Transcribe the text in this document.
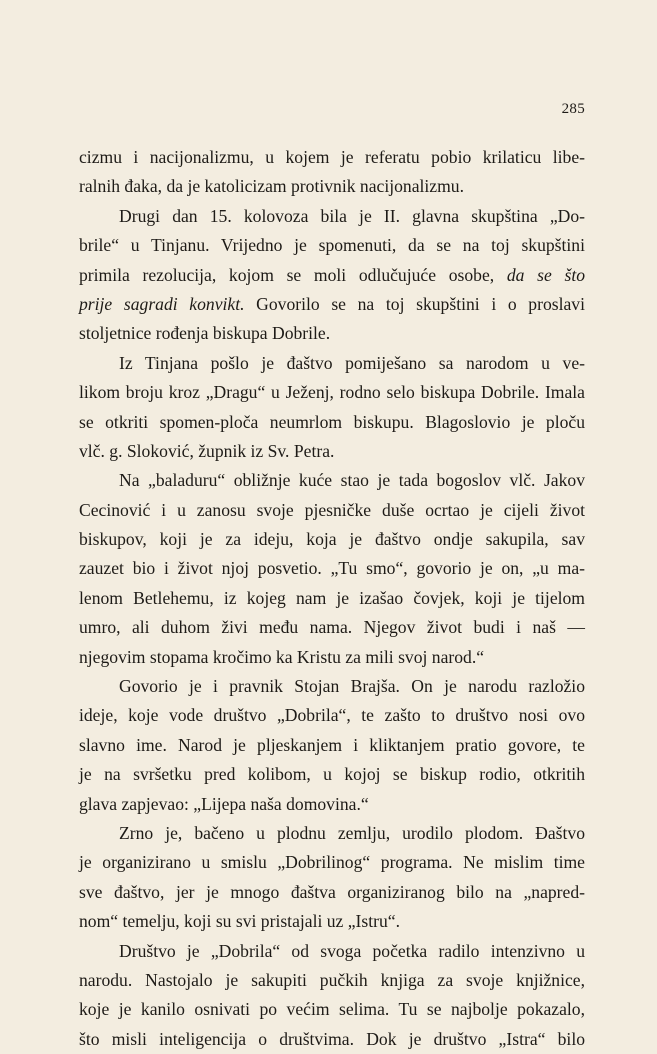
285
cizmu i nacijonalizmu, u kojem je referatu pobio krilaticu libe-
ralnih đaka, da je katolicizam protivnik nacijonalizmu.
Drugi dan 15. kolovoza bila je II. glavna skupština „Do-
brile“ u Tinjanu. Vrijedno je spomenuti, da se na toj skupštini
primila rezolucija, kojom se moli odlučujuće osobe, da se što
prije sagradi konvikt. Govorilo se na toj skupštini i o proslavi
stoljetnice rođenja biskupa Dobrile.
Iz Tinjana pošlo je đaštvo pomiješano sa narodom u ve-
likom broju kroz „Dragu“ u Ježenj, rodno selo biskupa Dobrile. Imala
se otkriti spomen-ploča neumrlom biskupu. Blagoslovio je ploču
vlč. g. Sloković, župnik iz Sv. Petra.
Na „baladuru“ obližnje kuće stao je tada bogoslov vlč. Jakov
Cecinović i u zanosu svoje pjesničke duše ocrtao je cijeli život
biskupov, koji je za ideju, koja je đaštvo ondje sakupila, sav
zauzet bio i život njoj posvetio. „Tu smo“, govorio je on, „u ma-
lenom Betlehemu, iz kojeg nam je izašao čovjek, koji je tijelom
umro, ali duhom živi među nama. Njegov život budi i naš —
njegovim stopama kročimo ka Kristu za mili svoj narod.“
Govorio je i pravnik Stojan Brajša. On je narodu razložio
ideje, koje vode društvo „Dobrila“, te zašto to društvo nosi ovo
slavno ime. Narod je pljeskanjem i kliktanjem pratio govore, te
je na svršetku pred kolibom, u kojoj se biskup rodio, otkritih
glava zapjevao: „Lijepa naša domovina.“
Zrno je, bačeno u plodnu zemlju, urodilo plodom. Đaštvo
je organizirano u smislu „Dobrilinog“ programa. Ne mislim time
sve đaštvo, jer je mnogo đaštva organiziranog bilo na „napred-
nom“ temelju, koji su svi pristajali uz „Istru“.
Društvo je „Dobrila“ od svoga početka radilo intenzivno u
narodu. Nastojalo je sakupiti pučkih knjiga za svoje knjižnice,
koje je kanilo osnivati po većim selima. Tu se najbolje pokazalo,
što misli inteligencija o društvima. Dok je društvo „Istra“ bilo
